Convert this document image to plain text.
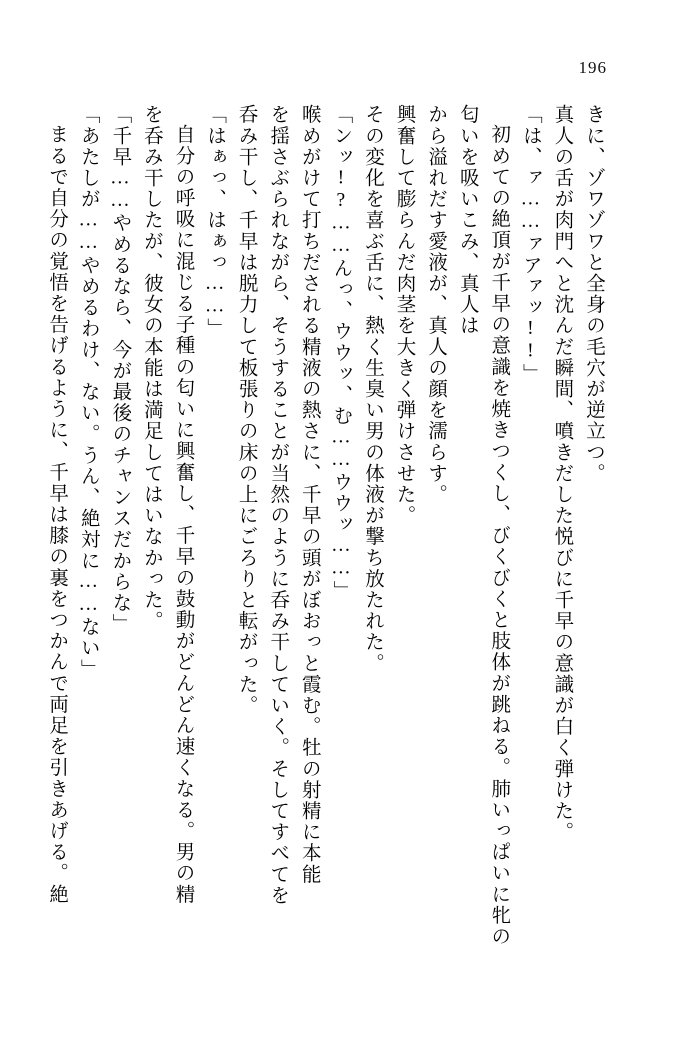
196

きに、ゾワゾワと全身の毛穴が逆立つ。

真人の舌が肉門へと沈んだ瞬間、噴きだした悦びに千早の意識が白く弾けた。

「は、ァ……ァアァッ!!」

初めての絶頂が千早の意識を焼きつくし、びくびくと肢体が跳ねる。肺いっぱいに牝の匂いを吸いこみ、真人は

から溢れだす愛液が、真人の顔を濡らす。

興奮して膨らんだ肉茎を大きく弾けさせた。

その変化を喜ぶ舌に、熱く生臭い男の体液が撃ち放たれた。

「ンッ!?……んっ、ウウッ、む……ウウッ……」

喉めがけて打ちだされる精液の熱さに、千早の頭がぼおっと霞む。牡の射精に本能

を揺さぶられながら、そうすることが当然のように呑み干していく。そしてすべてを

呑み干し、千早は脱力して板張りの床の上にごろりと転がった。

「はぁっ、はぁっ……」

自分の呼吸に混じる子種の匂いに興奮し、千早の鼓動がどんどん速くなる。男の精

を呑み干したが、彼女の本能は満足してはいなかった。

「千早……やめるなら、今が最後のチャンスだからな」

「あたしが……やめるわけ、ない。うん、絶対に……ない」

まるで自分の覚悟を告げるように、千早は膝の裏をつかんで両足を引きあげる。絶
